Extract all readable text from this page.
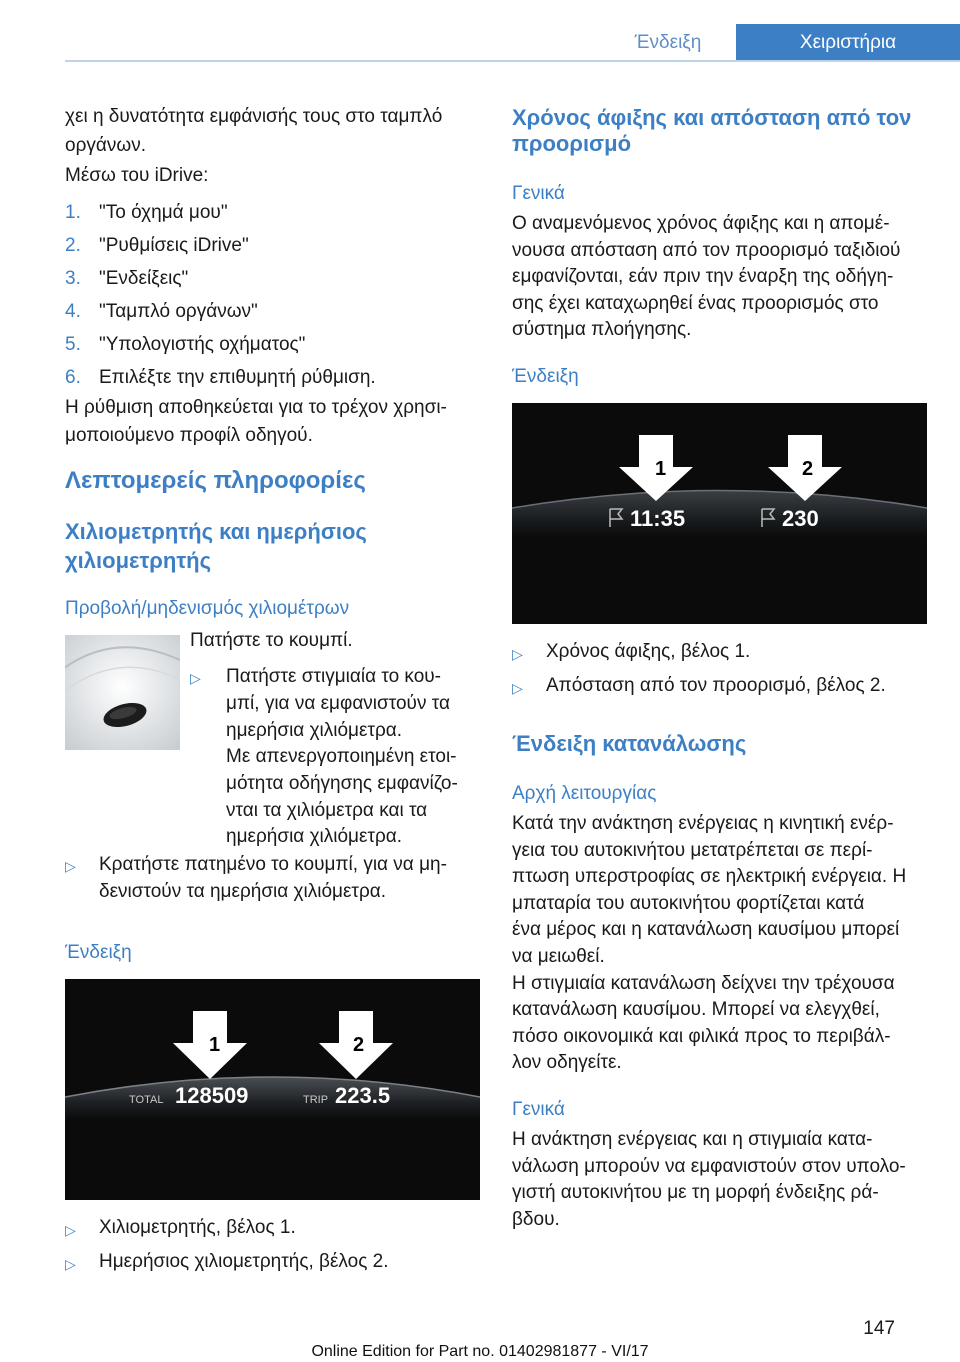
Ένδειξη	Χειριστήρια
χει η δυνατότητα εμφάνισής τους στο ταμπλό
οργάνων.
Μέσω του iDrive:
1. "Το όχημά μου"
2. "Ρυθμίσεις iDrive"
3. "Ενδείξεις"
4. "Ταμπλό οργάνων"
5. "Υπολογιστής οχήματος"
6. Επιλέξτε την επιθυμητή ρύθμιση.
Η ρύθμιση αποθηκεύεται για το τρέχον χρησι-
μοποιούμενο προφίλ οδηγού.
Λεπτομερείς πληροφορίες
Χιλιομετρητής και ημερήσιος
χιλιομετρητής
Προβολή/μηδενισμός χιλιομέτρων
Πατήστε το κουμπί.
▷ Πατήστε στιγμιαία το κου-
μπί, για να εμφανιστούν τα
ημερήσια χιλιόμετρα.
Με απενεργοποιημένη ετοι-
μότητα οδήγησης εμφανίζο-
νται τα χιλιόμετρα και τα
ημερήσια χιλιόμετρα.
▷ Κρατήστε πατημένο το κουμπί, για να μη-
δενιστούν τα ημερήσια χιλιόμετρα.
Ένδειξη
1	2
TOTAL 128509	TRIP 223.5
▷ Χιλιομετρητής, βέλος 1.
▷ Ημερήσιος χιλιομετρητής, βέλος 2.
Χρόνος άφιξης και απόσταση από τον
προορισμό
Γενικά
Ο αναμενόμενος χρόνος άφιξης και η απομέ-
νουσα απόσταση από τον προορισμό ταξιδιού
εμφανίζονται, εάν πριν την έναρξη της οδήγη-
σης έχει καταχωρηθεί ένας προορισμός στο
σύστημα πλοήγησης.
Ένδειξη
1	2
11:35	230
▷ Χρόνος άφιξης, βέλος 1.
▷ Απόσταση από τον προορισμό, βέλος 2.
Ένδειξη κατανάλωσης
Αρχή λειτουργίας
Κατά την ανάκτηση ενέργειας η κινητική ενέρ-
γεια του αυτοκινήτου μετατρέπεται σε περί-
πτωση υπερστροφίας σε ηλεκτρική ενέργεια. Η
μπαταρία του αυτοκινήτου φορτίζεται κατά
ένα μέρος και η κατανάλωση καυσίμου μπορεί
να μειωθεί.
Η στιγμιαία κατανάλωση δείχνει την τρέχουσα
κατανάλωση καυσίμου. Μπορεί να ελεγχθεί,
πόσο οικονομικά και φιλικά προς το περιβάλ-
λον οδηγείτε.
Γενικά
Η ανάκτηση ενέργειας και η στιγμιαία κατα-
νάλωση μπορούν να εμφανιστούν στον υπολο-
γιστή αυτοκινήτου με τη μορφή ένδειξης ρά-
βδου.
147
Online Edition for Part no. 01402981877 - VI/17
